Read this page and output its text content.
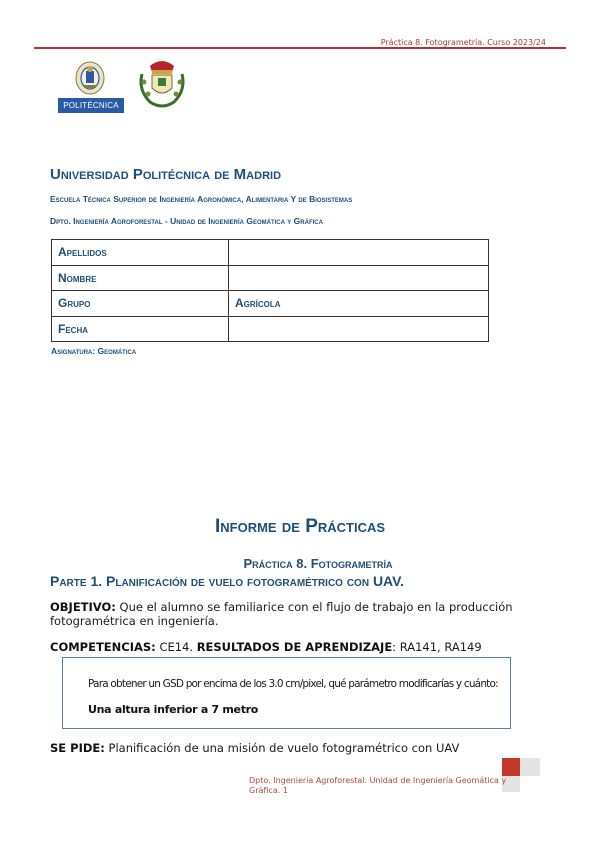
Práctica 8. Fotogrametría. Curso 2023/24
POLITÉCNICA
Universidad Politécnica de Madrid
Escuela Técnica Superior de Ingeniería Agronómica, Alimentaria Y de Biosistemas
Dpto. Ingeniería Agroforestal - Unidad de Ingeniería Geomática y Gráfica
Apellidos	
Nombre	
Grupo	Agrícola
Fecha	
Asignatura: Geomática
Informe de Prácticas
Práctica 8. Fotogrametría
Parte 1. Planificación de vuelo fotogramétrico con UAV.
OBJETIVO: Que el alumno se familiarice con el flujo de trabajo en la producción fotogramétrica en ingeniería.
COMPETENCIAS: CE14. RESULTADOS DE APRENDIZAJE: RA141, RA149
Para obtener un GSD por encima de los 3.0 cm/pixel, qué parámetro modificarías y cuánto:
Una altura inferior a 7 metro
SE PIDE: Planificación de una misión de vuelo fotogramétrico con UAV
Dpto. Ingeniería Agroforestal. Unidad de Ingeniería Geomática y Gráfica. 1
